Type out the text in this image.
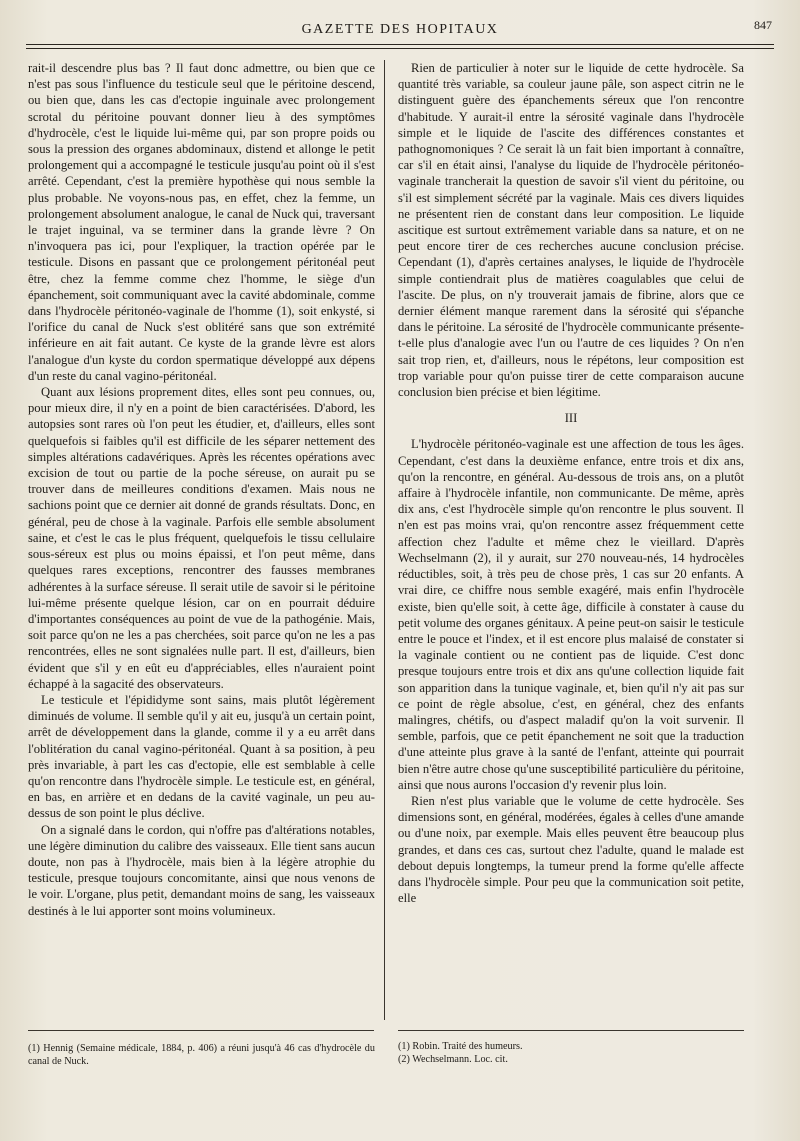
GAZETTE DES HOPITAUX	847

rait-il descendre plus bas ? Il faut donc admettre, ou bien que ce n'est pas sous l'influence du testicule seul que le péritoine descend, ou bien que, dans les cas d'ectopie inguinale avec prolongement scrotal du péritoine pouvant donner lieu à des symptômes d'hydrocèle, c'est le liquide lui-même qui, par son propre poids ou sous la pression des organes abdominaux, distend et allonge le petit prolongement qui a accompagné le testicule jusqu'au point où il s'est arrêté. Cependant, c'est la première hypothèse qui nous semble la plus probable. Ne voyons-nous pas, en effet, chez la femme, un prolongement absolument analogue, le canal de Nuck qui, traversant le trajet inguinal, va se terminer dans la grande lèvre ? On n'invoquera pas ici, pour l'expliquer, la traction opérée par le testicule. Disons en passant que ce prolongement péritonéal peut être, chez la femme comme chez l'homme, le siège d'un épanchement, soit communiquant avec la cavité abdominale, comme dans l'hydrocèle péritonéo-vaginale de l'homme (1), soit enkysté, si l'orifice du canal de Nuck s'est oblitéré sans que son extrémité inférieure en ait fait autant. Ce kyste de la grande lèvre est alors l'analogue d'un kyste du cordon spermatique développé aux dépens d'un reste du canal vagino-péritonéal.

Quant aux lésions proprement dites, elles sont peu connues, ou, pour mieux dire, il n'y en a point de bien caractérisées. D'abord, les autopsies sont rares où l'on peut les étudier, et, d'ailleurs, elles sont quelquefois si faibles qu'il est difficile de les séparer nettement des simples altérations cadavériques. Après les récentes opérations avec excision de tout ou partie de la poche séreuse, on aurait pu se trouver dans de meilleures conditions d'examen. Mais nous ne sachions point que ce dernier ait donné de grands résultats. Donc, en général, peu de chose à la vaginale. Parfois elle semble absolument saine, et c'est le cas le plus fréquent, quelquefois le tissu cellulaire sous-séreux est plus ou moins épaissi, et l'on peut même, dans quelques rares exceptions, rencontrer des fausses membranes adhérentes à la surface séreuse. Il serait utile de savoir si le péritoine lui-même présente quelque lésion, car on en pourrait déduire d'importantes conséquences au point de vue de la pathogénie. Mais, soit parce qu'on ne les a pas cherchées, soit parce qu'on ne les a pas rencontrées, elles ne sont signalées nulle part. Il est, d'ailleurs, bien évident que s'il y en eût eu d'appréciables, elles n'auraient point échappé à la sagacité des observateurs.

Le testicule et l'épididyme sont sains, mais plutôt légèrement diminués de volume. Il semble qu'il y ait eu, jusqu'à un certain point, arrêt de développement dans la glande, comme il y a eu arrêt dans l'oblitération du canal vagino-péritonéal. Quant à sa position, à peu près invariable, à part les cas d'ectopie, elle est semblable à celle qu'on rencontre dans l'hydrocèle simple. Le testicule est, en général, en bas, en arrière et en dedans de la cavité vaginale, un peu au-dessus de son point le plus déclive.

On a signalé dans le cordon, qui n'offre pas d'altérations notables, une légère diminution du calibre des vaisseaux. Elle tient sans aucun doute, non pas à l'hydrocèle, mais bien à la légère atrophie du testicule, presque toujours concomitante, ainsi que nous venons de le voir. L'organe, plus petit, demandant moins de sang, les vaisseaux destinés à le lui apporter sont moins volumineux.

(1) Hennig (Semaine médicale, 1884, p. 406) a réuni jusqu'à 46 cas d'hydrocèle du canal de Nuck.

Rien de particulier à noter sur le liquide de cette hydrocèle. Sa quantité très variable, sa couleur jaune pâle, son aspect citrin ne le distinguent guère des épanchements séreux que l'on rencontre d'habitude. Y aurait-il entre la sérosité vaginale dans l'hydrocèle simple et le liquide de l'ascite des différences constantes et pathognomoniques ? Ce serait là un fait bien important à connaître, car s'il en était ainsi, l'analyse du liquide de l'hydrocèle péritonéo-vaginale trancherait la question de savoir s'il vient du péritoine, ou s'il est simplement sécrété par la vaginale. Mais ces divers liquides ne présentent rien de constant dans leur composition. Le liquide ascitique est surtout extrêmement variable dans sa nature, et on ne peut encore tirer de ces recherches aucune conclusion précise. Cependant (1), d'après certaines analyses, le liquide de l'hydrocèle simple contiendrait plus de matières coagulables que celui de l'ascite. De plus, on n'y trouverait jamais de fibrine, alors que ce dernier élément manque rarement dans la sérosité qui s'épanche dans le péritoine. La sérosité de l'hydrocèle communicante présente-t-elle plus d'analogie avec l'un ou l'autre de ces liquides ? On n'en sait trop rien, et, d'ailleurs, nous le répétons, leur composition est trop variable pour qu'on puisse tirer de cette comparaison aucune conclusion bien précise et bien légitime.

III

L'hydrocèle péritonéo-vaginale est une affection de tous les âges. Cependant, c'est dans la deuxième enfance, entre trois et dix ans, qu'on la rencontre, en général. Au-dessous de trois ans, on a plutôt affaire à l'hydrocèle infantile, non communicante. De même, après dix ans, c'est l'hydrocèle simple qu'on rencontre le plus souvent. Il n'en est pas moins vrai, qu'on rencontre assez fréquemment cette affection chez l'adulte et même chez le vieillard. D'après Wechselmann (2), il y aurait, sur 270 nouveau-nés, 14 hydrocèles réductibles, soit, à très peu de chose près, 1 cas sur 20 enfants. A vrai dire, ce chiffre nous semble exagéré, mais enfin l'hydrocèle existe, bien qu'elle soit, à cette âge, difficile à constater à cause du petit volume des organes génitaux. A peine peut-on saisir le testicule entre le pouce et l'index, et il est encore plus malaisé de constater si la vaginale contient ou ne contient pas de liquide. C'est donc presque toujours entre trois et dix ans qu'une collection liquide fait son apparition dans la tunique vaginale, et, bien qu'il n'y ait pas sur ce point de règle absolue, c'est, en général, chez des enfants malingres, chétifs, ou d'aspect maladif qu'on la voit survenir. Il semble, parfois, que ce petit épanchement ne soit que la traduction d'une atteinte plus grave à la santé de l'enfant, atteinte qui pourrait bien n'être autre chose qu'une susceptibilité particulière du péritoine, ainsi que nous aurons l'occasion d'y revenir plus loin.

Rien n'est plus variable que le volume de cette hydrocèle. Ses dimensions sont, en général, modérées, égales à celles d'une amande ou d'une noix, par exemple. Mais elles peuvent être beaucoup plus grandes, et dans ces cas, surtout chez l'adulte, quand le malade est debout depuis longtemps, la tumeur prend la forme qu'elle affecte dans l'hydrocèle simple. Pour peu que la communication soit petite, elle

(1) Robin. Traité des humeurs.

(2) Wechselmann. Loc. cit.
